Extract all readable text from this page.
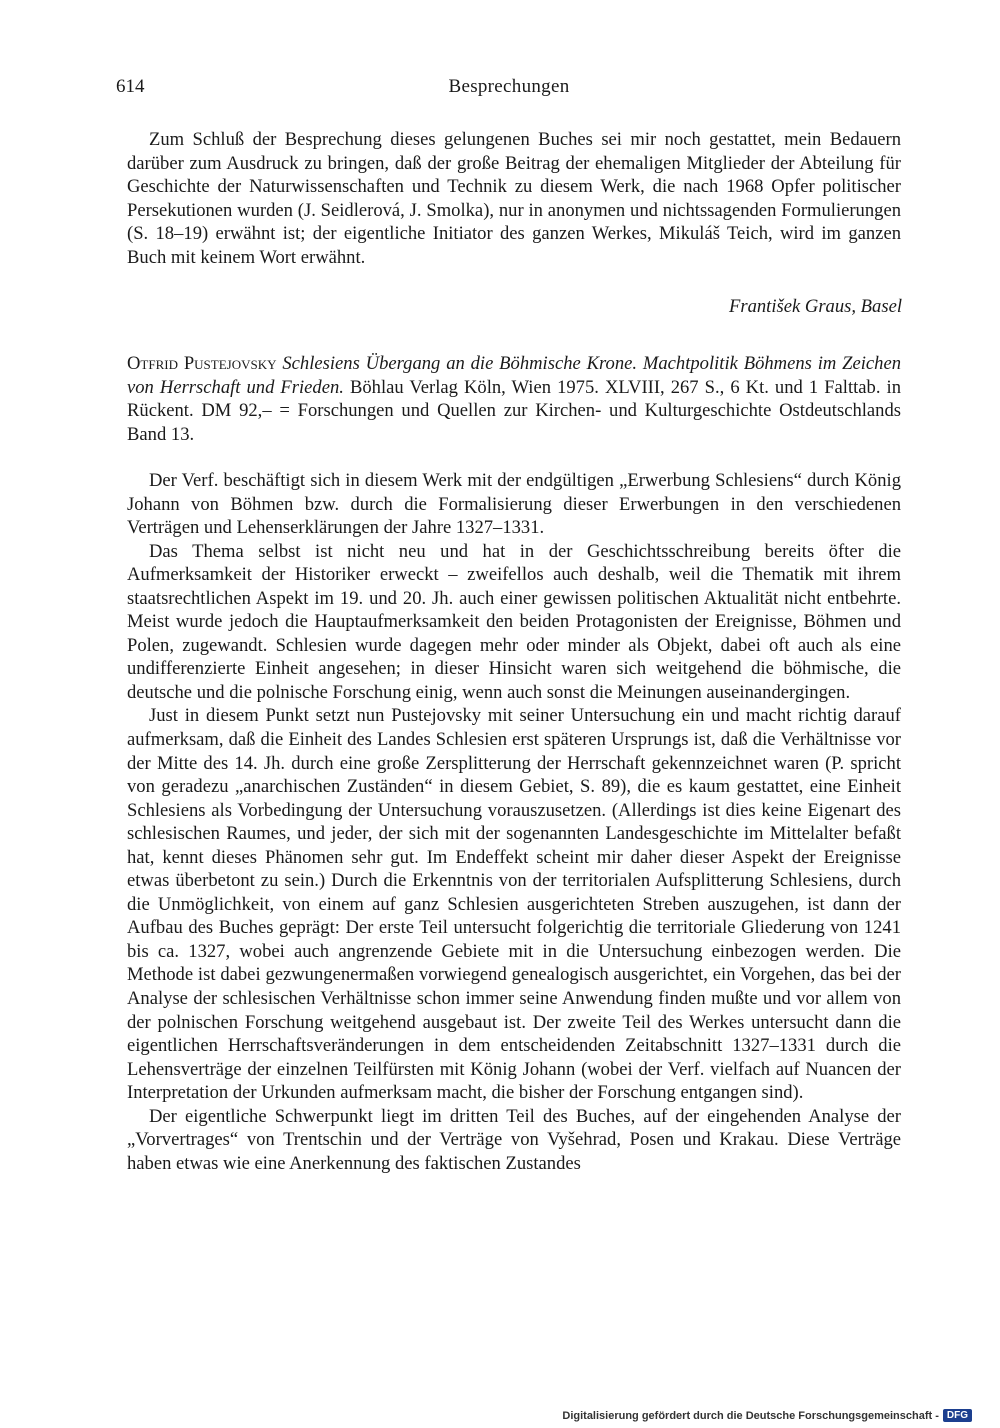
614	Besprechungen
Zum Schluß der Besprechung dieses gelungenen Buches sei mir noch gestattet, mein Bedauern darüber zum Ausdruck zu bringen, daß der große Beitrag der ehemaligen Mitglieder der Abteilung für Geschichte der Naturwissenschaften und Technik zu diesem Werk, die nach 1968 Opfer politischer Persekutionen wurden (J. Seidlerová, J. Smolka), nur in anonymen und nichtssagenden Formulierungen (S. 18–19) erwähnt ist; der eigentliche Initiator des ganzen Werkes, Mikuláš Teich, wird im ganzen Buch mit keinem Wort erwähnt.
František Graus, Basel
Otfrid Pustejovsky Schlesiens Übergang an die Böhmische Krone. Machtpolitik Böhmens im Zeichen von Herrschaft und Frieden. Böhlau Verlag Köln, Wien 1975. XLVIII, 267 S., 6 Kt. und 1 Falttab. in Rückent. DM 92,– = Forschungen und Quellen zur Kirchen- und Kulturgeschichte Ostdeutschlands Band 13.

Der Verf. beschäftigt sich in diesem Werk mit der endgültigen „Erwerbung Schlesiens“ durch König Johann von Böhmen bzw. durch die Formalisierung dieser Erwerbungen in den verschiedenen Verträgen und Lehenserklärungen der Jahre 1327–1331.

Das Thema selbst ist nicht neu und hat in der Geschichtsschreibung bereits öfter die Aufmerksamkeit der Historiker erweckt – zweifellos auch deshalb, weil die Thematik mit ihrem staatsrechtlichen Aspekt im 19. und 20. Jh. auch einer gewissen politischen Aktualität nicht entbehrte. Meist wurde jedoch die Hauptaufmerksamkeit den beiden Protagonisten der Ereignisse, Böhmen und Polen, zugewandt. Schlesien wurde dagegen mehr oder minder als Objekt, dabei oft auch als eine undifferenzierte Einheit angesehen; in dieser Hinsicht waren sich weitgehend die böhmische, die deutsche und die polnische Forschung einig, wenn auch sonst die Meinungen auseinandergingen.

Just in diesem Punkt setzt nun Pustejovsky mit seiner Untersuchung ein und macht richtig darauf aufmerksam, daß die Einheit des Landes Schlesien erst späteren Ursprungs ist, daß die Verhältnisse vor der Mitte des 14. Jh. durch eine große Zersplitterung der Herrschaft gekennzeichnet waren (P. spricht von geradezu „anarchischen Zuständen“ in diesem Gebiet, S. 89), die es kaum gestattet, eine Einheit Schlesiens als Vorbedingung der Untersuchung vorauszusetzen. (Allerdings ist dies keine Eigenart des schlesischen Raumes, und jeder, der sich mit der sogenannten Landesgeschichte im Mittelalter befaßt hat, kennt dieses Phänomen sehr gut. Im Endeffekt scheint mir daher dieser Aspekt der Ereignisse etwas überbetont zu sein.) Durch die Erkenntnis von der territorialen Aufsplitterung Schlesiens, durch die Unmöglichkeit, von einem auf ganz Schlesien ausgerichteten Streben auszugehen, ist dann der Aufbau des Buches geprägt: Der erste Teil untersucht folgerichtig die territoriale Gliederung von 1241 bis ca. 1327, wobei auch angrenzende Gebiete mit in die Untersuchung einbezogen werden. Die Methode ist dabei gezwungenermaßen vorwiegend genealogisch ausgerichtet, ein Vorgehen, das bei der Analyse der schlesischen Verhältnisse schon immer seine Anwendung finden mußte und vor allem von der polnischen Forschung weitgehend ausgebaut ist. Der zweite Teil des Werkes untersucht dann die eigentlichen Herrschaftsveränderungen in dem entscheidenden Zeitabschnitt 1327–1331 durch die Lehensverträge der einzelnen Teilfürsten mit König Johann (wobei der Verf. vielfach auf Nuancen der Interpretation der Urkunden aufmerksam macht, die bisher der Forschung entgangen sind).

Der eigentliche Schwerpunkt liegt im dritten Teil des Buches, auf der eingehenden Analyse der „Vorvertrages“ von Trentschin und der Verträge von Vyšehrad, Posen und Krakau. Diese Verträge haben etwas wie eine Anerkennung des faktischen Zustandes

Digitalisierung gefördert durch die Deutsche Forschungsgemeinschaft - DFG
